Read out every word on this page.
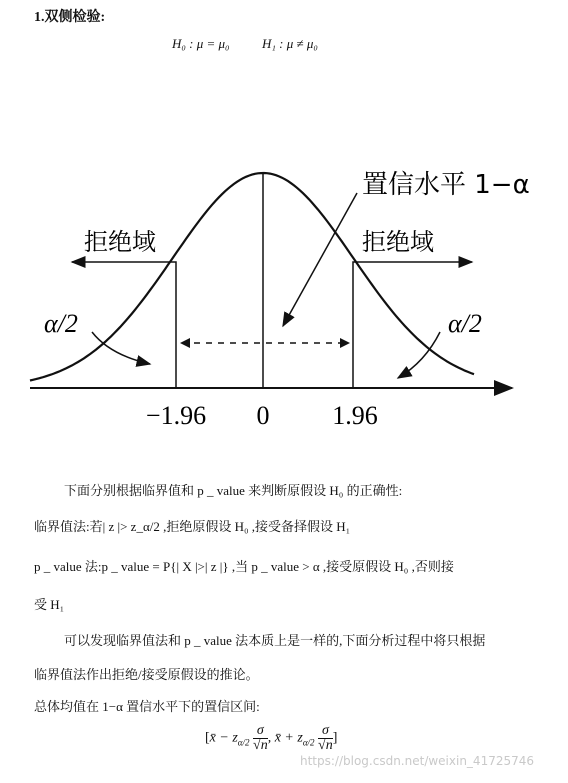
1.双侧检验:
H₀ : μ = μ₀ H₁ : μ ≠ μ₀
置信水平 1−α
拒绝域	拒绝域
α/2	α/2
−1.96 0 1.96
下面分别根据临界值和 p _ value 来判断原假设 H₀ 的正确性:
临界值法:若| z |> z_α/2 ,拒绝原假设 H₀ ,接受备择假设 H₁
p _ value 法:p _ value = P{| X |>| z |} ,当 p _ value > α ,接受原假设 H₀ ,否则接
受 H₁
可以发现临界值法和 p _ value 法本质上是一样的,下面分析过程中将只根据
临界值法作出拒绝/接受原假设的推论。
总体均值在 1−α 置信水平下的置信区间:
[x̄ − $z_{\alpha/2} \frac{\sigma}{√n}$ , x̄ + $z_{\alpha/2} \frac{\sigma}{√n}$ ]
https://blog.csdn.net/weixin_41725746
